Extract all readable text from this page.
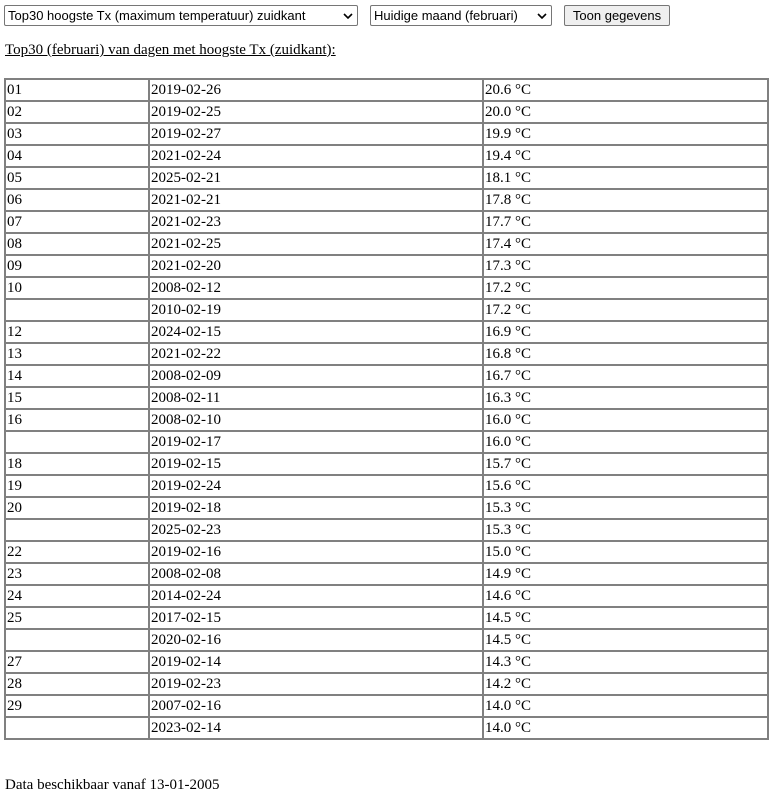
Top30 hoogste Tx (maximum temperatuur) zuidkant	Huidige maand (februari)	Toon gegevens
Top30 (februari) van dagen met hoogste Tx (zuidkant):
01	2019-02-26	20.6 °C
02	2019-02-25	20.0 °C
03	2019-02-27	19.9 °C
04	2021-02-24	19.4 °C
05	2025-02-21	18.1 °C
06	2021-02-21	17.8 °C
07	2021-02-23	17.7 °C
08	2021-02-25	17.4 °C
09	2021-02-20	17.3 °C
10	2008-02-12	17.2 °C
	2010-02-19	17.2 °C
12	2024-02-15	16.9 °C
13	2021-02-22	16.8 °C
14	2008-02-09	16.7 °C
15	2008-02-11	16.3 °C
16	2008-02-10	16.0 °C
	2019-02-17	16.0 °C
18	2019-02-15	15.7 °C
19	2019-02-24	15.6 °C
20	2019-02-18	15.3 °C
	2025-02-23	15.3 °C
22	2019-02-16	15.0 °C
23	2008-02-08	14.9 °C
24	2014-02-24	14.6 °C
25	2017-02-15	14.5 °C
	2020-02-16	14.5 °C
27	2019-02-14	14.3 °C
28	2019-02-23	14.2 °C
29	2007-02-16	14.0 °C
	2023-02-14	14.0 °C
Data beschikbaar vanaf 13-01-2005
